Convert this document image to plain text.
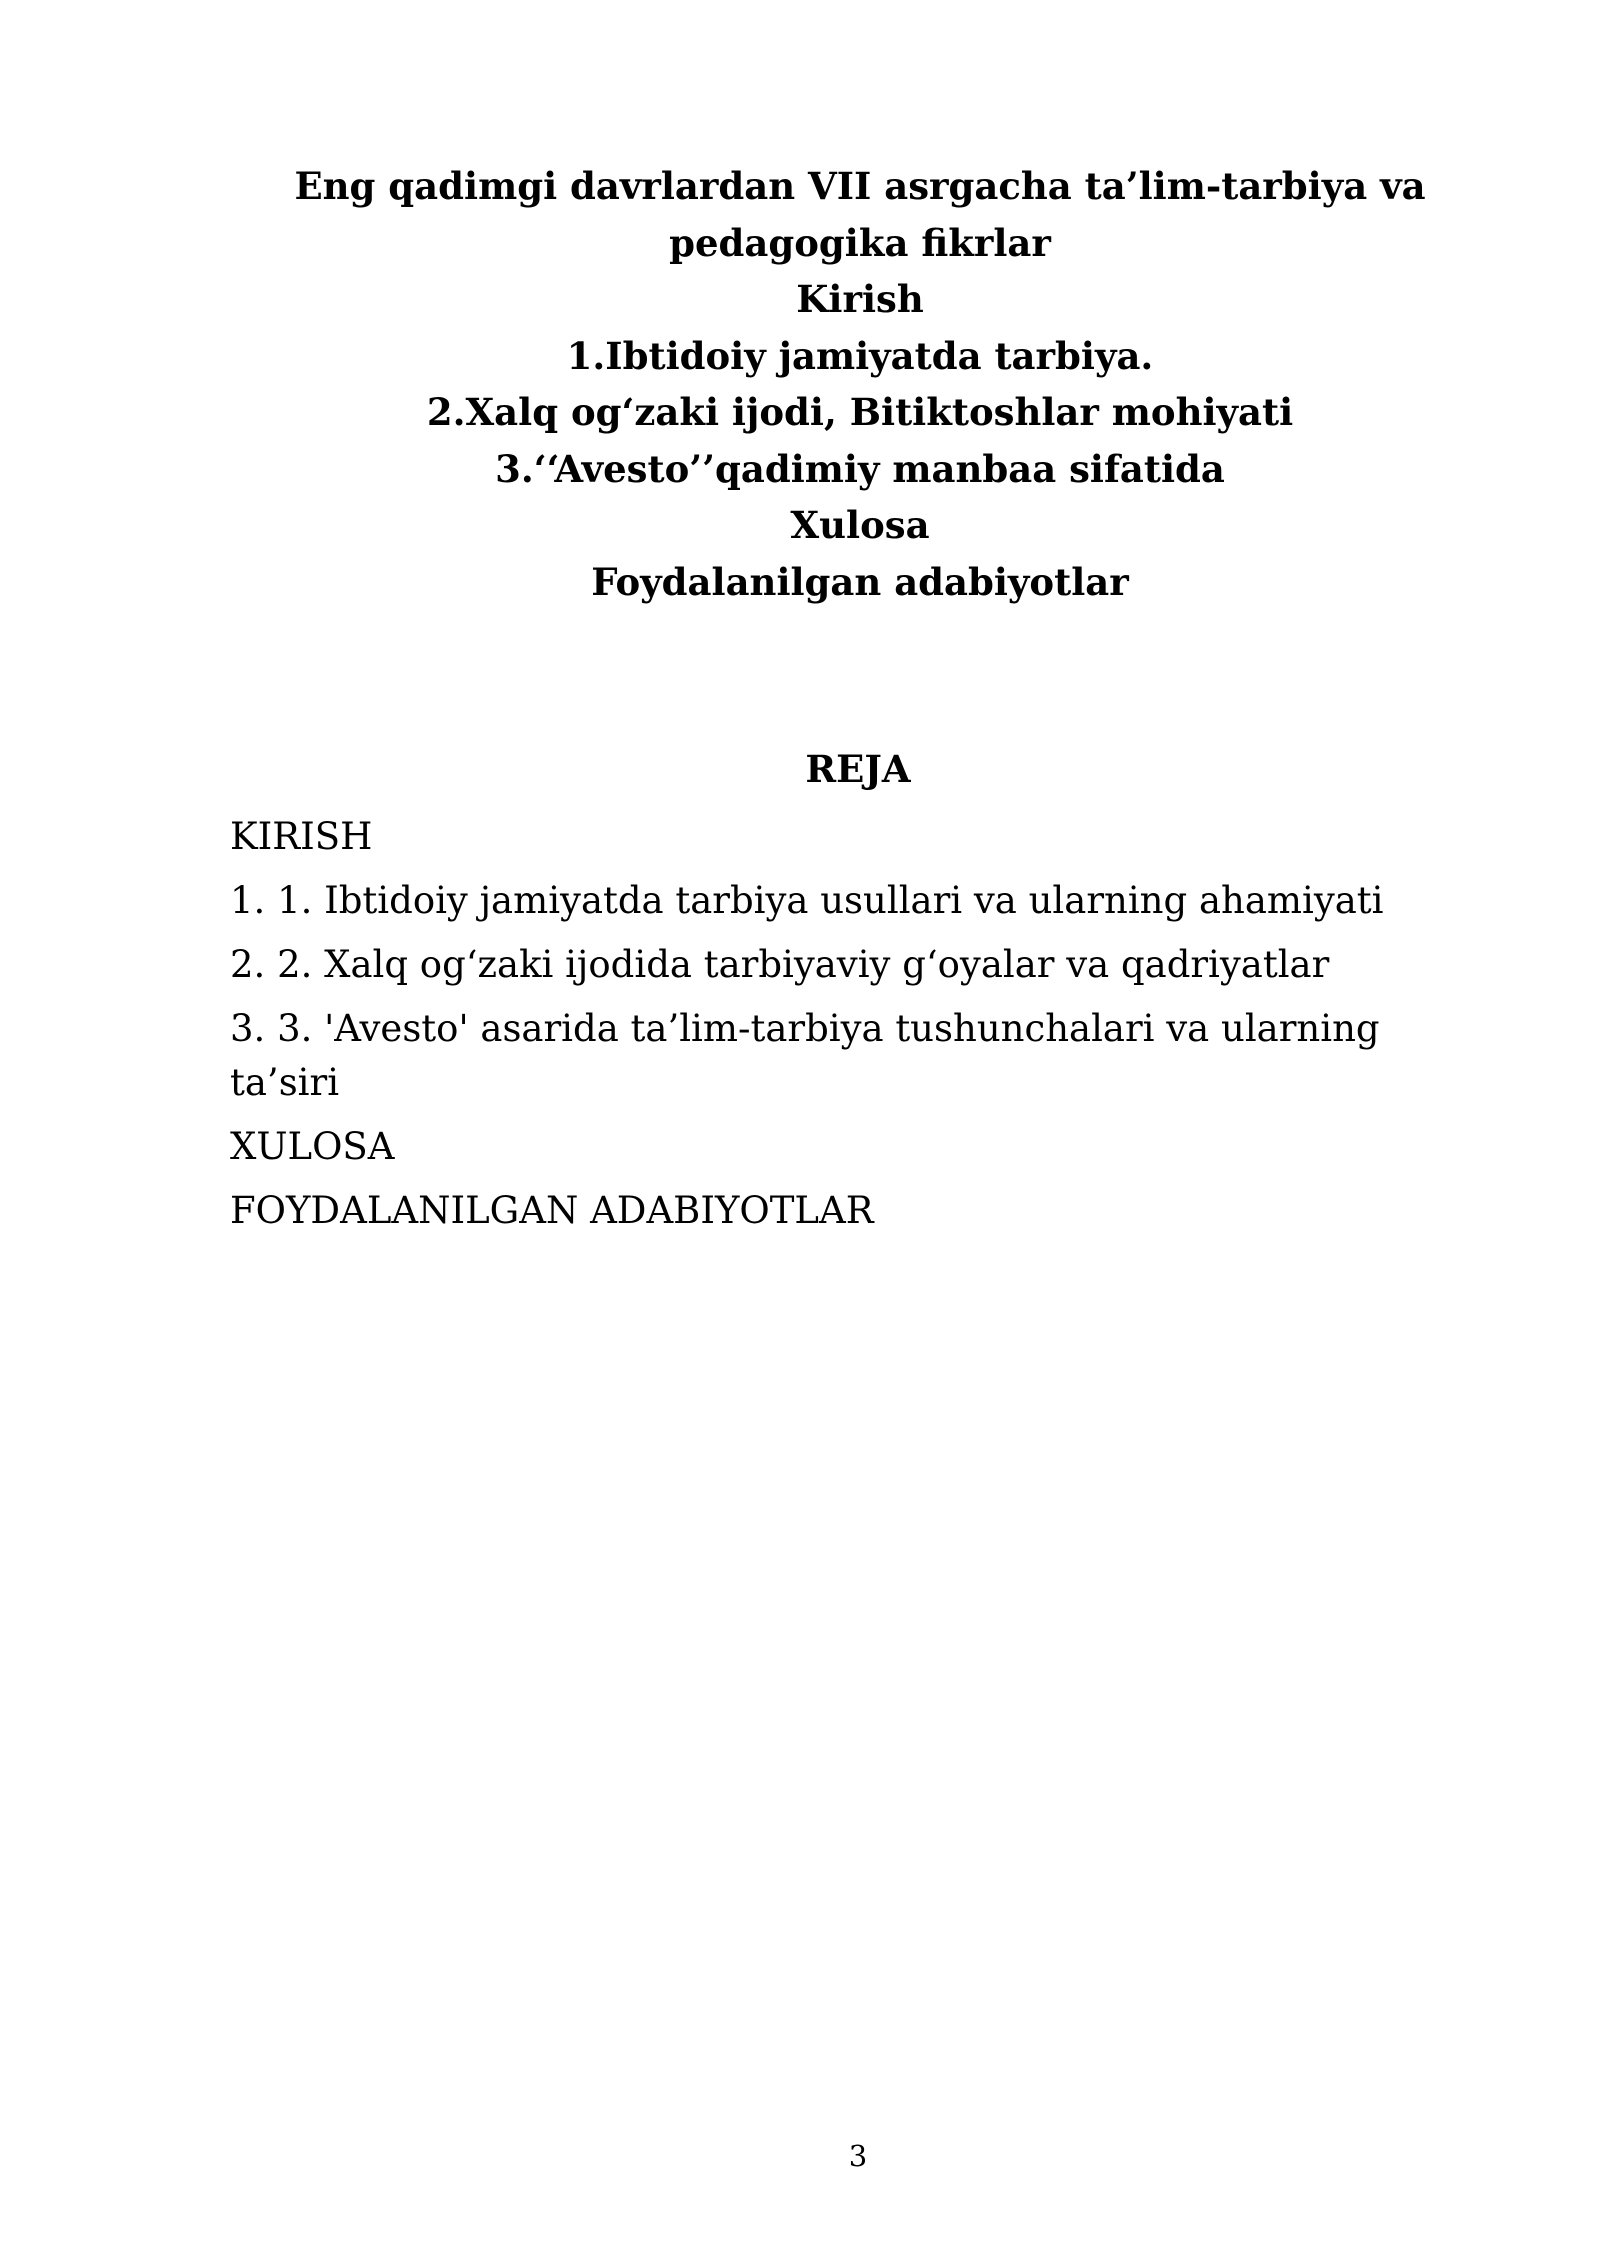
Eng qadimgi davrlardan VII asrgacha ta’lim-tarbiya va
pedagogika fikrlar
Kirish
1.Ibtidoiy jamiyatda tarbiya.
2.Xalq og‘zaki ijodi, Bitiktoshlar mohiyati
3.‘‘Avesto’’qadimiy manbaa sifatida
Xulosa
Foydalanilgan adabiyotlar
REJA
KIRISH
1. 1. Ibtidoiy jamiyatda tarbiya usullari va ularning ahamiyati
2. 2. Xalq og‘zaki ijodida tarbiyaviy g‘oyalar va qadriyatlar
3. 3. 'Avesto' asarida ta’lim-tarbiya tushunchalari va ularning ta’siri
XULOSA
FOYDALANILGAN ADABIYOTLAR
3
